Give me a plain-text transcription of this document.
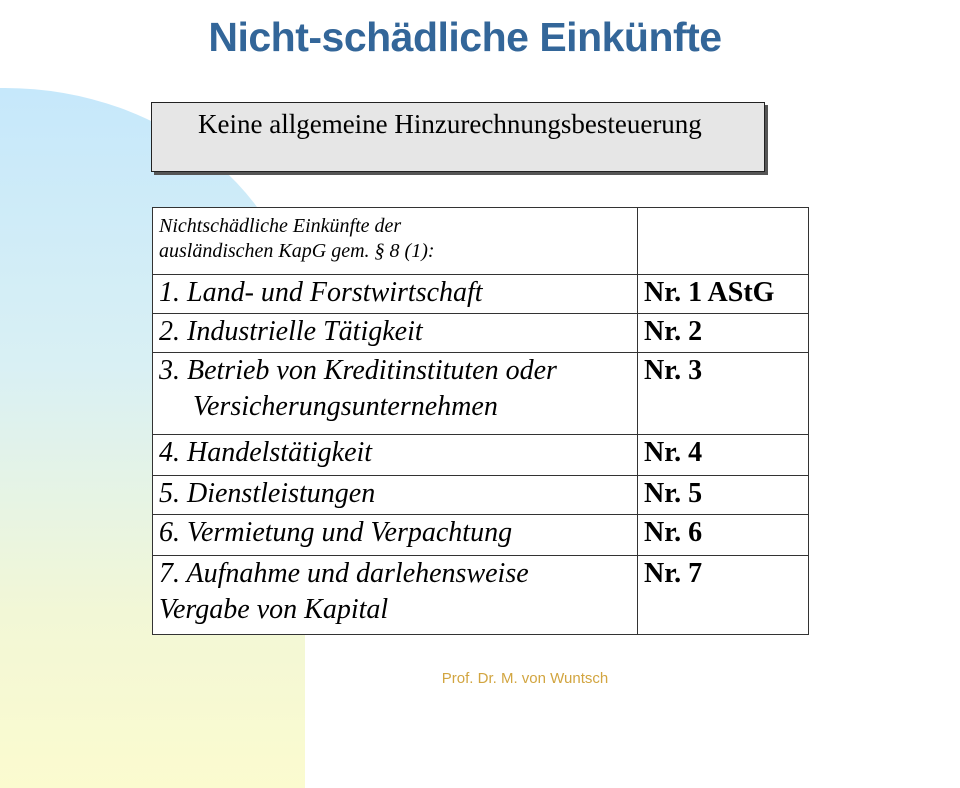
Nicht-schädliche Einkünfte
Keine allgemeine Hinzurechnungsbesteuerung
Nichtschädliche Einkünfte der
ausländischen KapG gem. § 8 (1):	
1. Land- und Forstwirtschaft	Nr. 1 AStG
2. Industrielle Tätigkeit	Nr. 2
3. Betrieb von Kreditinstituten oder
Versicherungsunternehmen	Nr. 3
4. Handelstätigkeit	Nr. 4
5. Dienstleistungen	Nr. 5
6. Vermietung und Verpachtung	Nr. 6
7. Aufnahme und darlehensweise
Vergabe von Kapital	Nr. 7
Prof. Dr. M. von Wuntsch
